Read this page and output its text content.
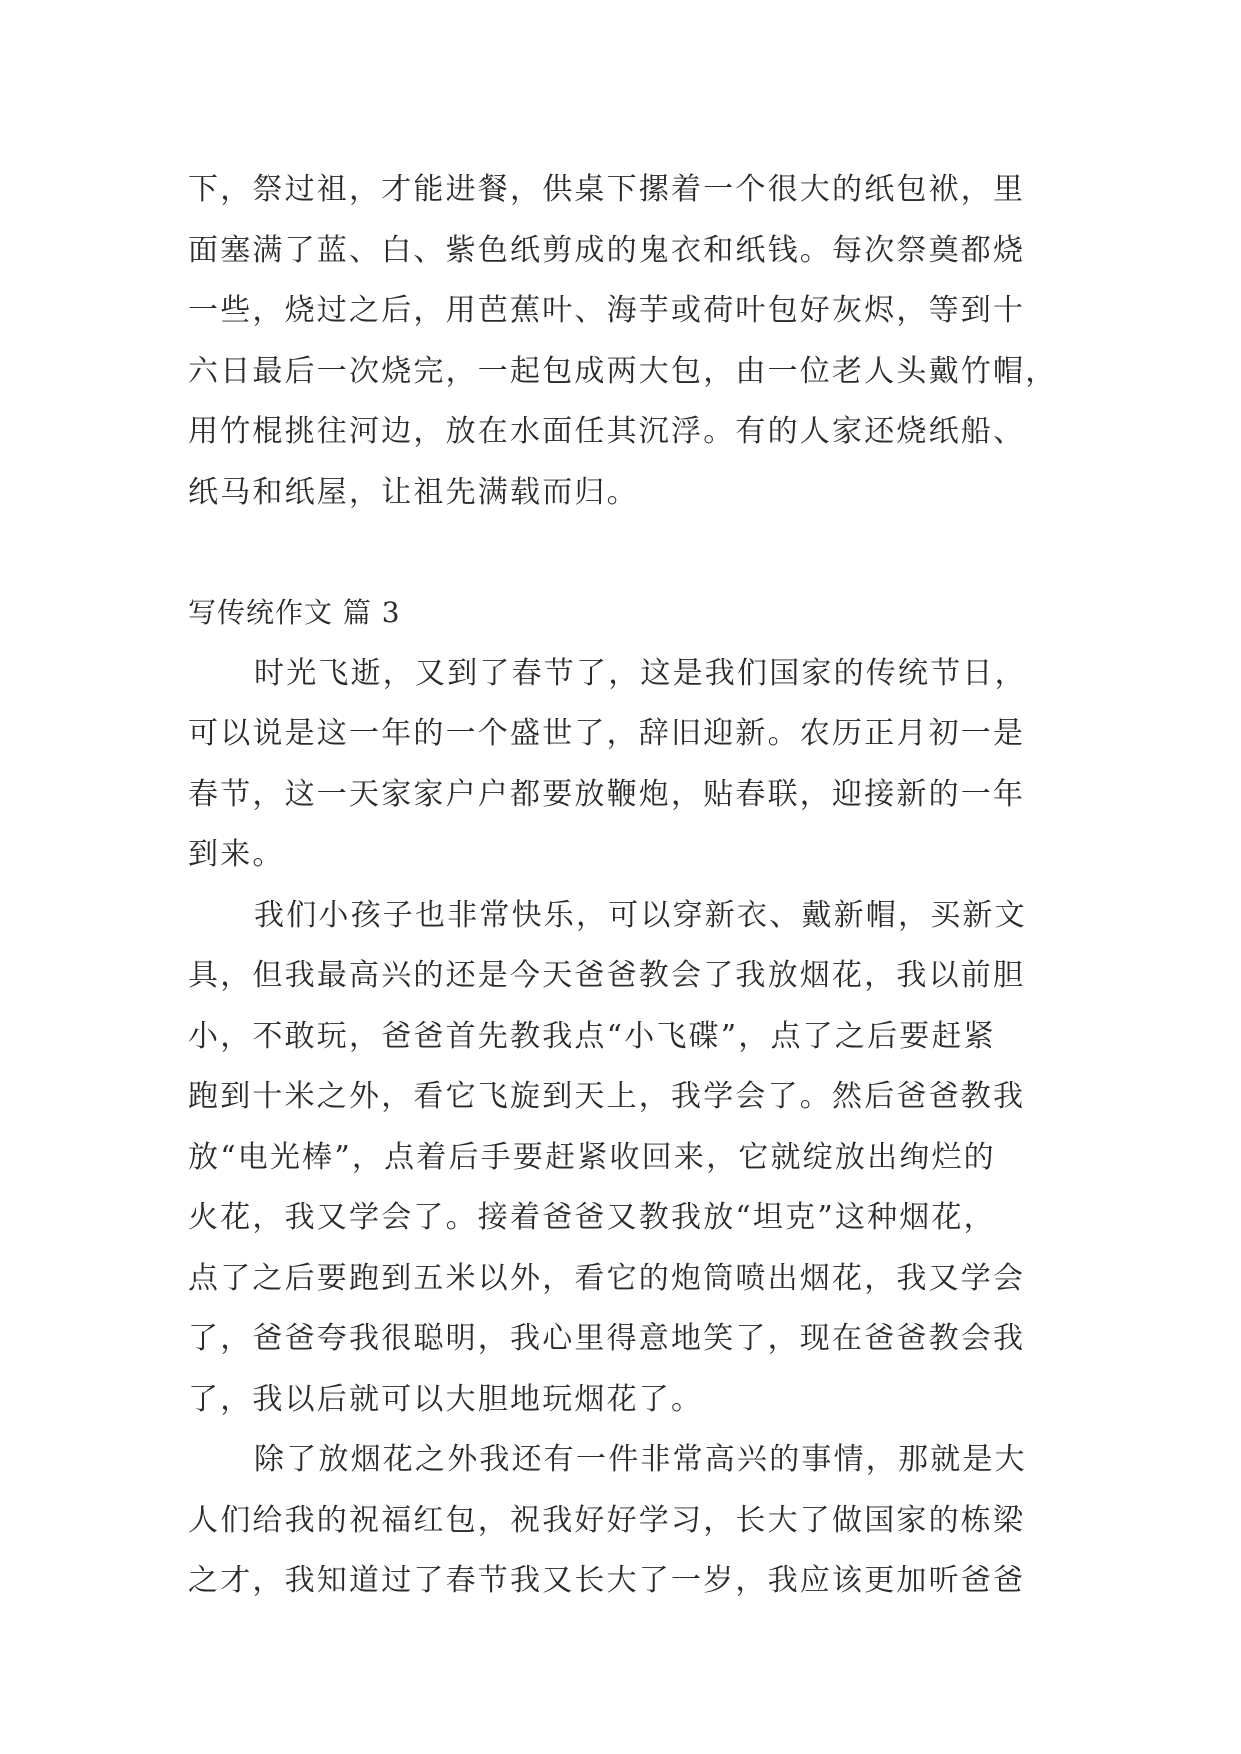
下，祭过祖，才能进餐，供桌下摞着一个很大的纸包袱，里
面塞满了蓝、白、紫色纸剪成的鬼衣和纸钱。每次祭奠都烧
一些，烧过之后，用芭蕉叶、海芋或荷叶包好灰烬，等到十
六日最后一次烧完，一起包成两大包，由一位老人头戴竹帽，
用竹棍挑往河边，放在水面任其沉浮。有的人家还烧纸船、
纸马和纸屋，让祖先满载而归。
写传统作文 篇 3
时光飞逝，又到了春节了，这是我们国家的传统节日，
可以说是这一年的一个盛世了，辞旧迎新。农历正月初一是
春节，这一天家家户户都要放鞭炮，贴春联，迎接新的一年
到来。
我们小孩子也非常快乐，可以穿新衣、戴新帽，买新文
具，但我最高兴的还是今天爸爸教会了我放烟花，我以前胆
小，不敢玩，爸爸首先教我点“小飞碟”，点了之后要赶紧
跑到十米之外，看它飞旋到天上，我学会了。然后爸爸教我
放“电光棒”，点着后手要赶紧收回来，它就绽放出绚烂的
火花，我又学会了。接着爸爸又教我放“坦克”这种烟花，
点了之后要跑到五米以外，看它的炮筒喷出烟花，我又学会
了，爸爸夸我很聪明，我心里得意地笑了，现在爸爸教会我
了，我以后就可以大胆地玩烟花了。
除了放烟花之外我还有一件非常高兴的事情，那就是大
人们给我的祝福红包，祝我好好学习，长大了做国家的栋梁
之才，我知道过了春节我又长大了一岁，我应该更加听爸爸
